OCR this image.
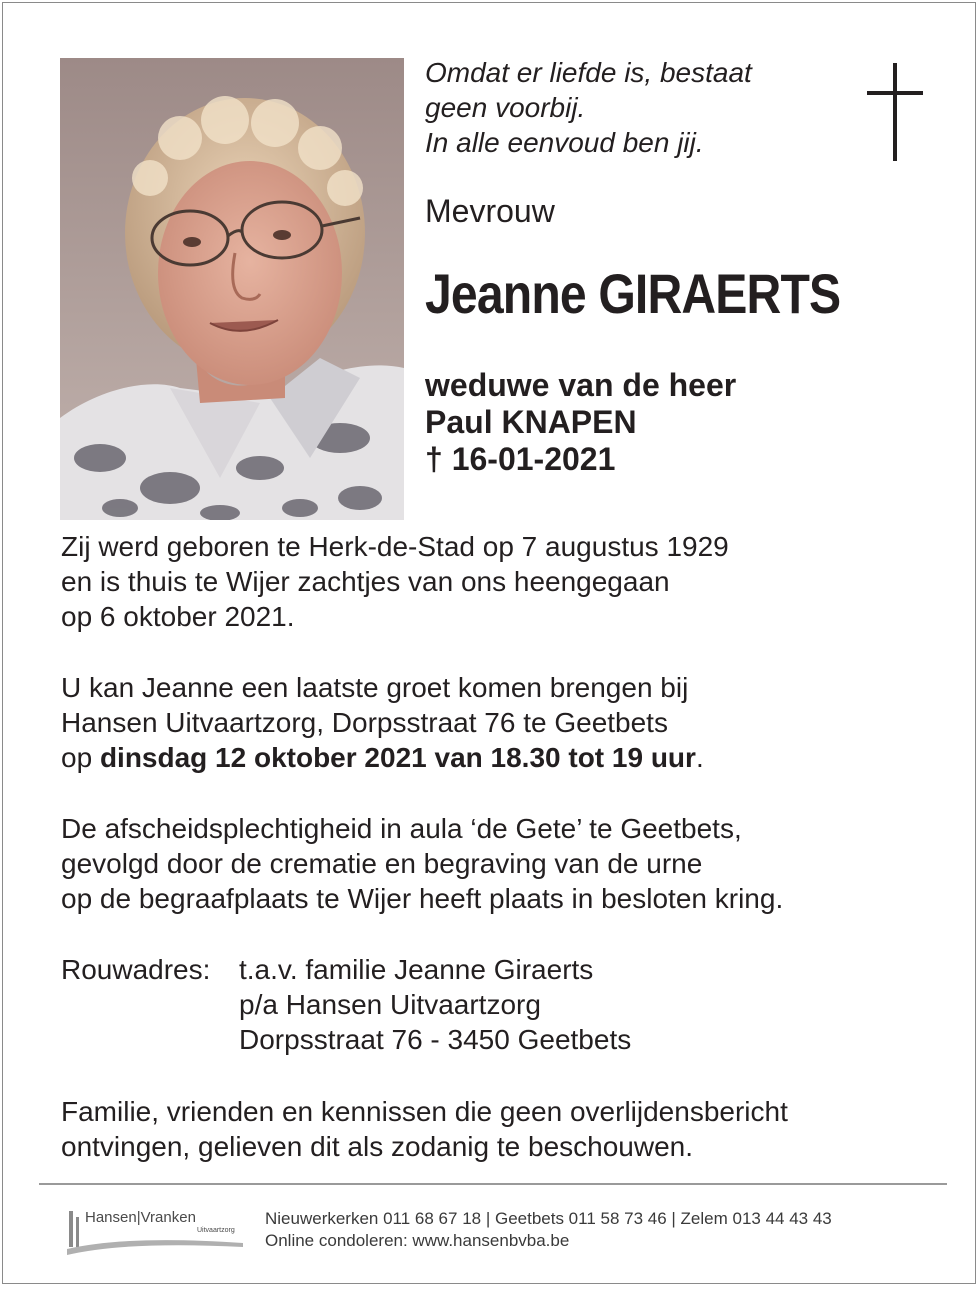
Omdat er liefde is, bestaat
geen voorbij.
In alle eenvoud ben jij.
Mevrouw
Jeanne GIRAERTS
weduwe van de heer
Paul KNAPEN
† 16-01-2021
Zij werd geboren te Herk-de-Stad op 7 augustus 1929
en is thuis te Wijer zachtjes van ons heengegaan
op 6 oktober 2021.
U kan Jeanne een laatste groet komen brengen bij
Hansen Uitvaartzorg, Dorpsstraat 76 te Geetbets
op dinsdag 12 oktober 2021 van 18.30 tot 19 uur.
De afscheidsplechtigheid in aula ‘de Gete’ te Geetbets,
gevolgd door de crematie en begraving van de urne
op de begraafplaats te Wijer heeft plaats in besloten kring.
Rouwadres:	t.a.v. familie Jeanne Giraerts
p/a Hansen Uitvaartzorg
Dorpsstraat 76 - 3450 Geetbets
Familie, vrienden en kennissen die geen overlijdensbericht
ontvingen, gelieven dit als zodanig te beschouwen.
Hansen|Vranken
Uitvaartzorg
Nieuwerkerken 011 68 67 18 | Geetbets 011 58 73 46 | Zelem 013 44 43 43
Online condoleren: www.hansenbvba.be
